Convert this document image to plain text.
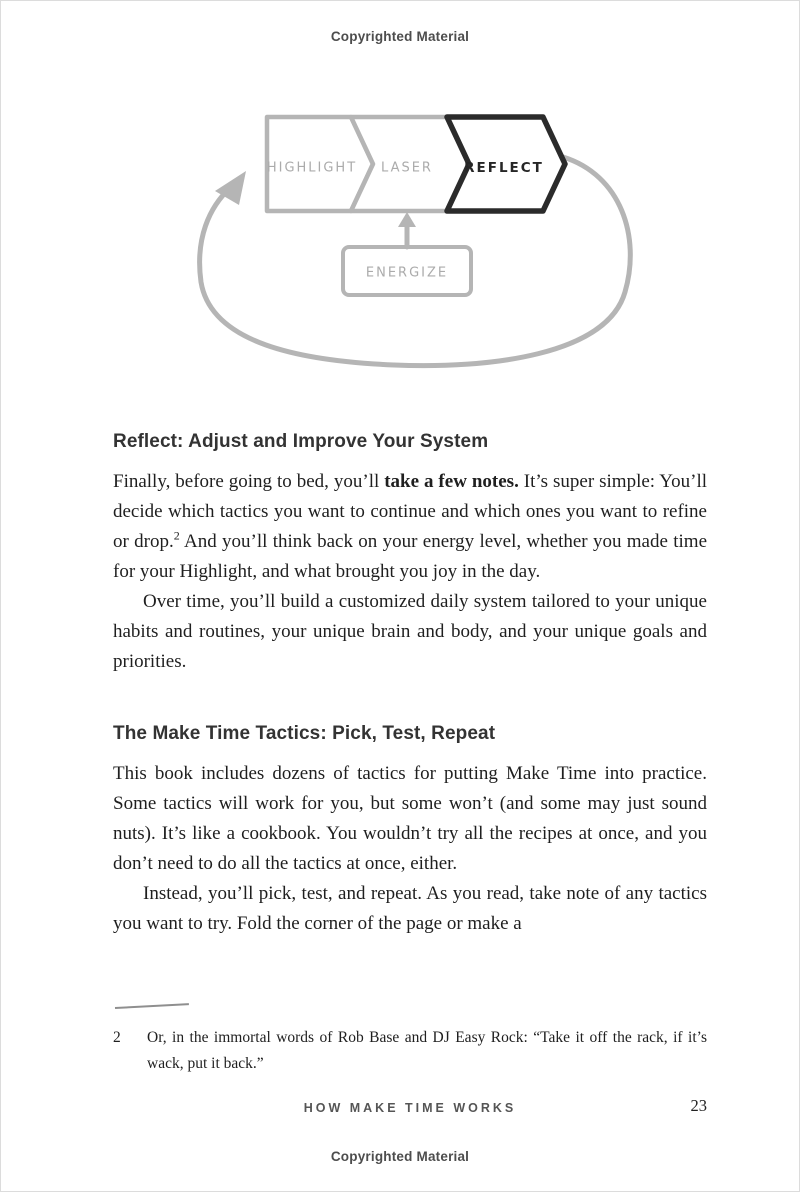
Copyrighted Material
HIGHLIGHT LASER REFLECT
ENERGIZE
Reflect: Adjust and Improve Your System

Finally, before going to bed, you’ll take a few notes. It’s super simple: You’ll decide which tactics you want to continue and which ones you want to refine or drop.$^2$ And you’ll think back on your energy level, whether you made time for your Highlight, and what brought you joy in the day.

Over time, you’ll build a customized daily system tailored to your unique habits and routines, your unique brain and body, and your unique goals and priorities.

The Make Time Tactics: Pick, Test, Repeat

This book includes dozens of tactics for putting Make Time into practice. Some tactics will work for you, but some won’t (and some may just sound nuts). It’s like a cookbook. You wouldn’t try all the recipes at once, and you don’t need to do all the tactics at once, either.

Instead, you’ll pick, test, and repeat. As you read, take note of any tactics you want to try. Fold the corner of the page or make a

2	Or, in the immortal words of Rob Base and DJ Easy Rock: “Take it off the rack, if it’s wack, put it back.”
HOW MAKE TIME WORKS	23
Copyrighted Material
